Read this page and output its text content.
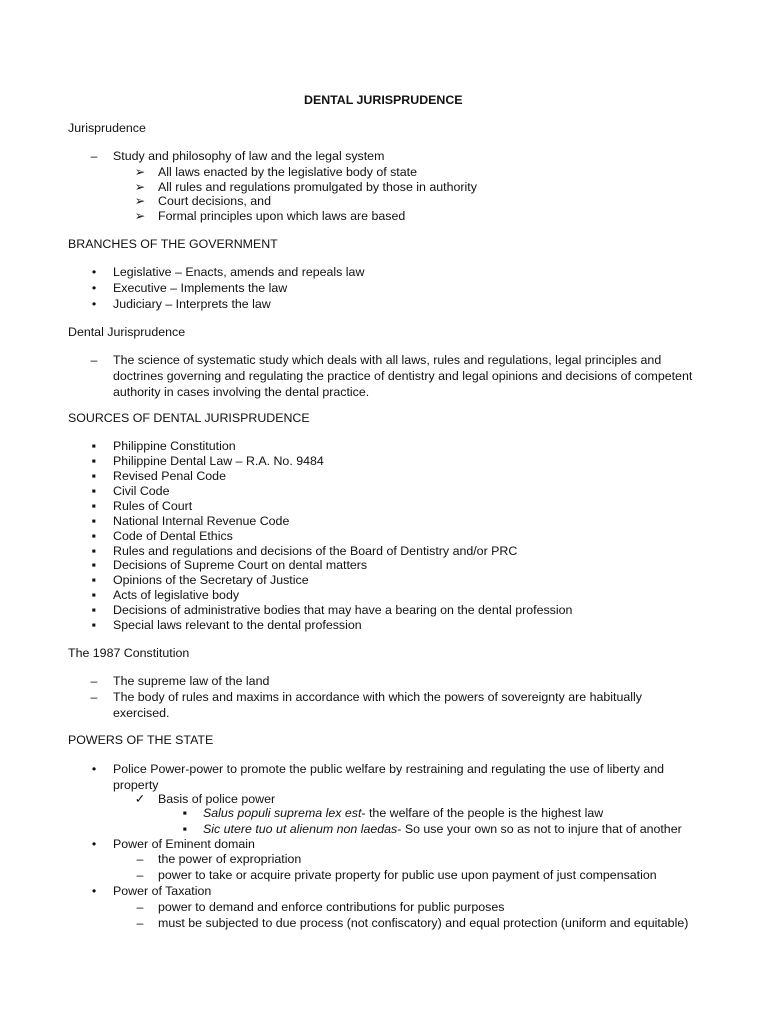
DENTAL JURISPRUDENCE
Jurisprudence
– Study and philosophy of law and the legal system
➢ All laws enacted by the legislative body of state
➢ All rules and regulations promulgated by those in authority
➢ Court decisions, and
➢ Formal principles upon which laws are based
BRANCHES OF THE GOVERNMENT
•	Legislative – Enacts, amends and repeals law
•	Executive – Implements the law
•	Judiciary – Interprets the law
Dental Jurisprudence
– The science of systematic study which deals with all laws, rules and regulations, legal principles and
doctrines governing and regulating the practice of dentistry and legal opinions and decisions of competent
authority in cases involving the dental practice.
SOURCES OF DENTAL JURISPRUDENCE
▪	Philippine Constitution
▪	Philippine Dental Law – R.A. No. 9484
▪	Revised Penal Code
▪	Civil Code
▪	Rules of Court
▪	National Internal Revenue Code
▪	Code of Dental Ethics
▪	Rules and regulations and decisions of the Board of Dentistry and/or PRC
▪	Decisions of Supreme Court on dental matters
▪	Opinions of the Secretary of Justice
▪	Acts of legislative body
▪	Decisions of administrative bodies that may have a bearing on the dental profession
▪	Special laws relevant to the dental profession
The 1987 Constitution
– The supreme law of the land
– The body of rules and maxims in accordance with which the powers of sovereignty are habitually
exercised.
POWERS OF THE STATE
•	Police Power-power to promote the public welfare by restraining and regulating the use of liberty and
property
✓ Basis of police power
▪	Salus populi suprema lex est- the welfare of the people is the highest law
▪	Sic utere tuo ut alienum non laedas- So use your own so as not to injure that of another
•	Power of Eminent domain
– the power of expropriation
– power to take or acquire private property for public use upon payment of just compensation
•	Power of Taxation
– power to demand and enforce contributions for public purposes
– must be subjected to due process (not confiscatory) and equal protection (uniform and equitable)
